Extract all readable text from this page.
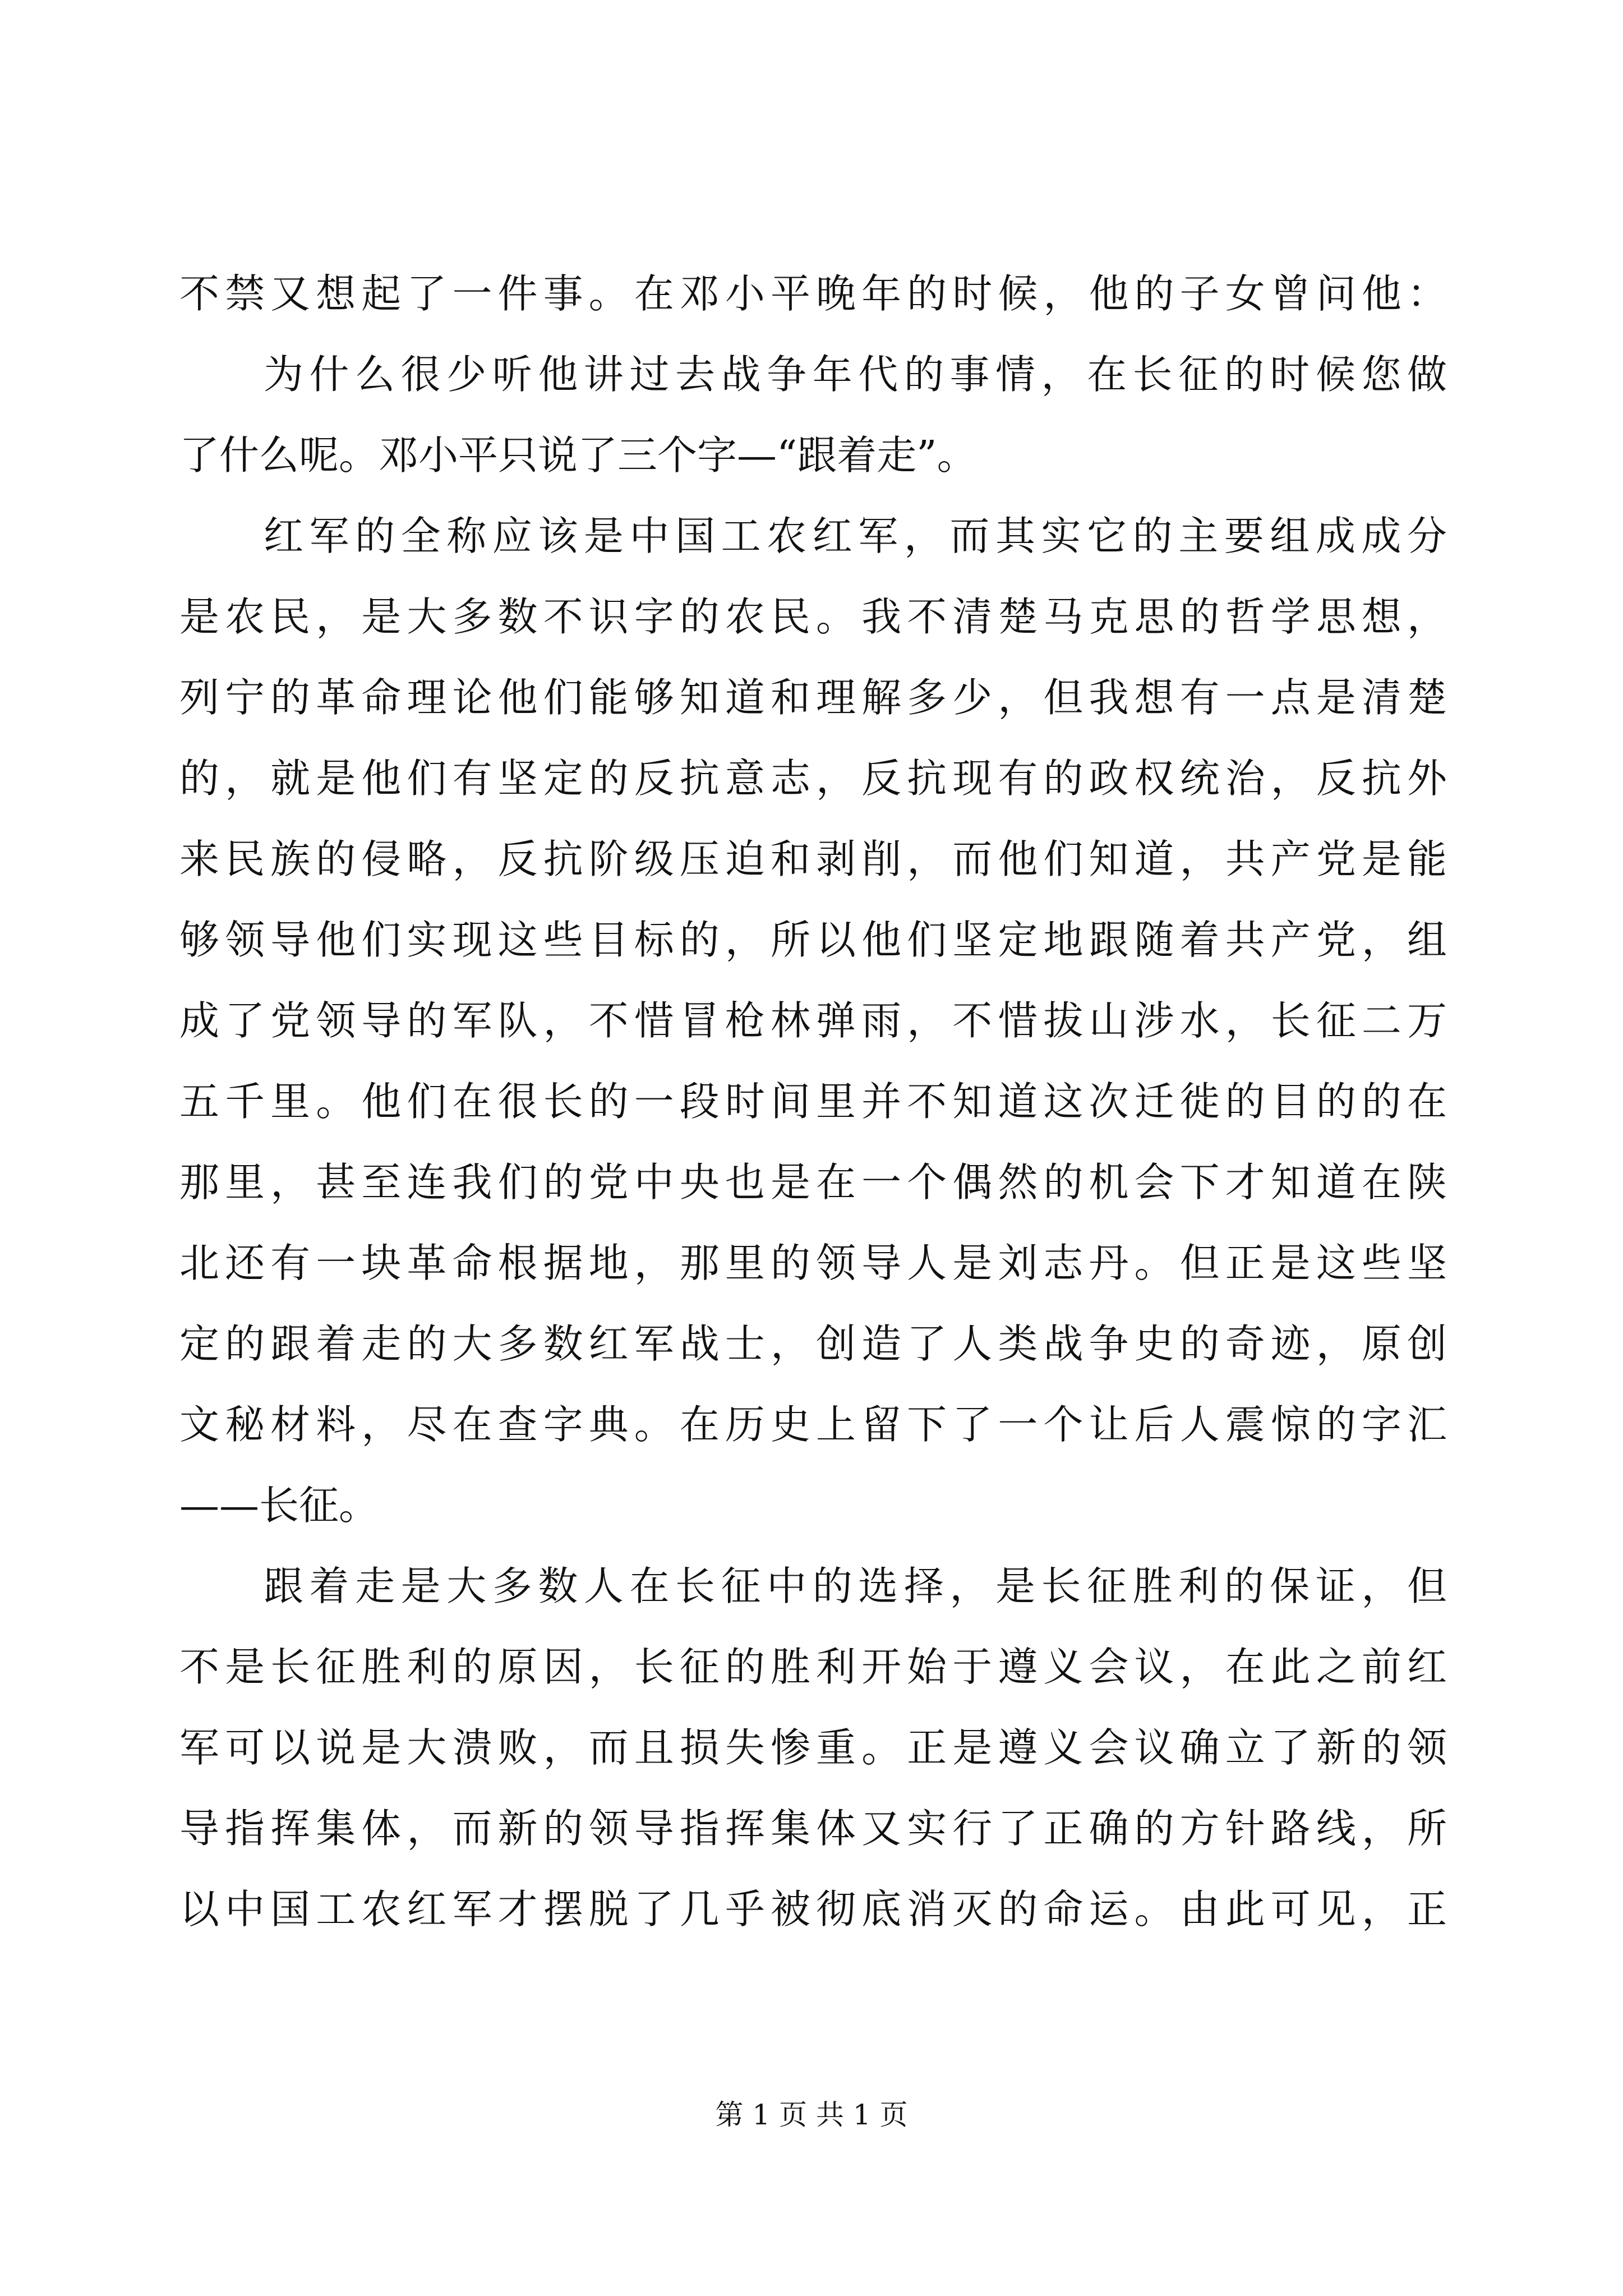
不禁又想起了一件事。在邓小平晚年的时候，他的子女曾问他：
为什么很少听他讲过去战争年代的事情，在长征的时候您做
了什么呢。邓小平只说了三个字—“跟着走”。
红军的全称应该是中国工农红军，而其实它的主要组成成分
是农民，是大多数不识字的农民。我不清楚马克思的哲学思想，
列宁的革命理论他们能够知道和理解多少，但我想有一点是清楚
的，就是他们有坚定的反抗意志，反抗现有的政权统治，反抗外
来民族的侵略，反抗阶级压迫和剥削，而他们知道，共产党是能
够领导他们实现这些目标的，所以他们坚定地跟随着共产党，组
成了党领导的军队，不惜冒枪林弹雨，不惜拔山涉水，长征二万
五千里。他们在很长的一段时间里并不知道这次迁徙的目的的在
那里，甚至连我们的党中央也是在一个偶然的机会下才知道在陕
北还有一块革命根据地，那里的领导人是刘志丹。但正是这些坚
定的跟着走的大多数红军战士，创造了人类战争史的奇迹，原创
文秘材料，尽在查字典。在历史上留下了一个让后人震惊的字汇
——长征。
跟着走是大多数人在长征中的选择，是长征胜利的保证，但
不是长征胜利的原因，长征的胜利开始于遵义会议，在此之前红
军可以说是大溃败，而且损失惨重。正是遵义会议确立了新的领
导指挥集体，而新的领导指挥集体又实行了正确的方针路线，所
以中国工农红军才摆脱了几乎被彻底消灭的命运。由此可见，正
第 1 页 共 1 页
